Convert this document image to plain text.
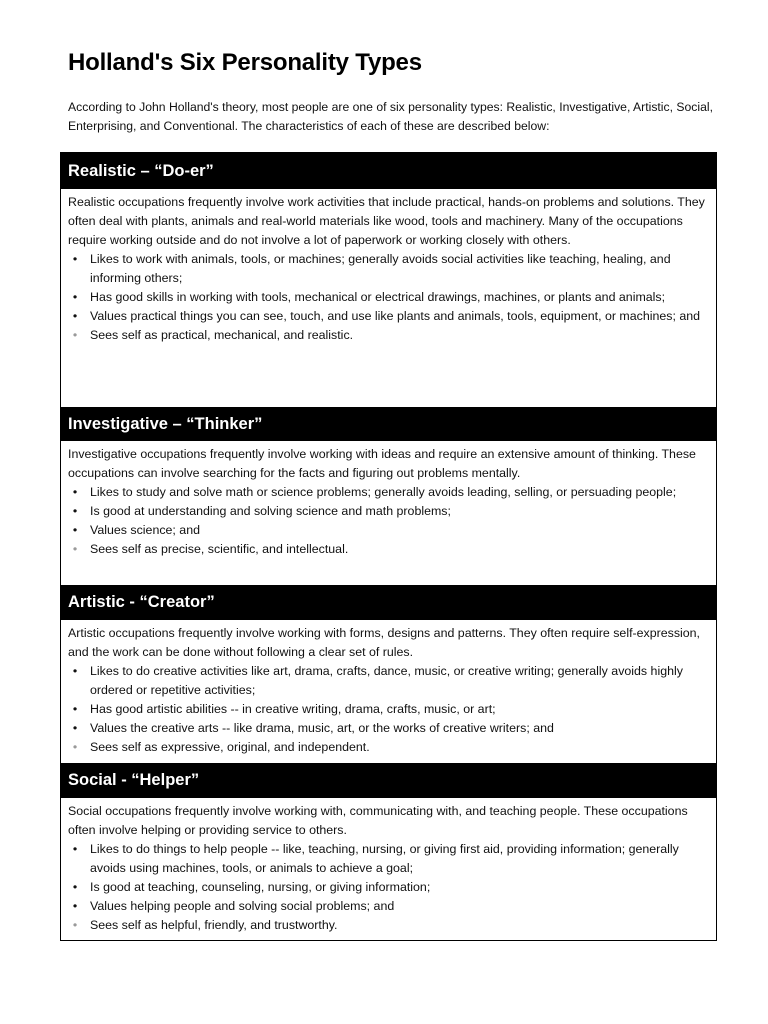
Holland's Six Personality Types

According to John Holland's theory, most people are one of six personality types: Realistic, Investigative, Artistic, Social, Enterprising, and Conventional. The characteristics of each of these are described below:

Realistic – “Do-er”

Realistic occupations frequently involve work activities that include practical, hands-on problems and solutions. They often deal with plants, animals and real-world materials like wood, tools and machinery. Many of the occupations require working outside and do not involve a lot of paperwork or working closely with others.

• Likes to work with animals, tools, or machines; generally avoids social activities like teaching, healing, and informing others;
• Has good skills in working with tools, mechanical or electrical drawings, machines, or plants and animals;
• Values practical things you can see, touch, and use like plants and animals, tools, equipment, or machines; and
• Sees self as practical, mechanical, and realistic.
Investigative – “Thinker”

Investigative occupations frequently involve working with ideas and require an extensive amount of thinking. These occupations can involve searching for the facts and figuring out problems mentally.

• Likes to study and solve math or science problems; generally avoids leading, selling, or persuading people;
• Is good at understanding and solving science and math problems;
• Values science; and
• Sees self as precise, scientific, and intellectual.
Artistic - “Creator”

Artistic occupations frequently involve working with forms, designs and patterns. They often require self-expression, and the work can be done without following a clear set of rules.

• Likes to do creative activities like art, drama, crafts, dance, music, or creative writing; generally avoids highly ordered or repetitive activities;
• Has good artistic abilities -- in creative writing, drama, crafts, music, or art;
• Values the creative arts -- like drama, music, art, or the works of creative writers; and
• Sees self as expressive, original, and independent.
Social - “Helper”

Social occupations frequently involve working with, communicating with, and teaching people. These occupations often involve helping or providing service to others.

• Likes to do things to help people -- like, teaching, nursing, or giving first aid, providing information; generally avoids using machines, tools, or animals to achieve a goal;
• Is good at teaching, counseling, nursing, or giving information;
• Values helping people and solving social problems; and
• Sees self as helpful, friendly, and trustworthy.
